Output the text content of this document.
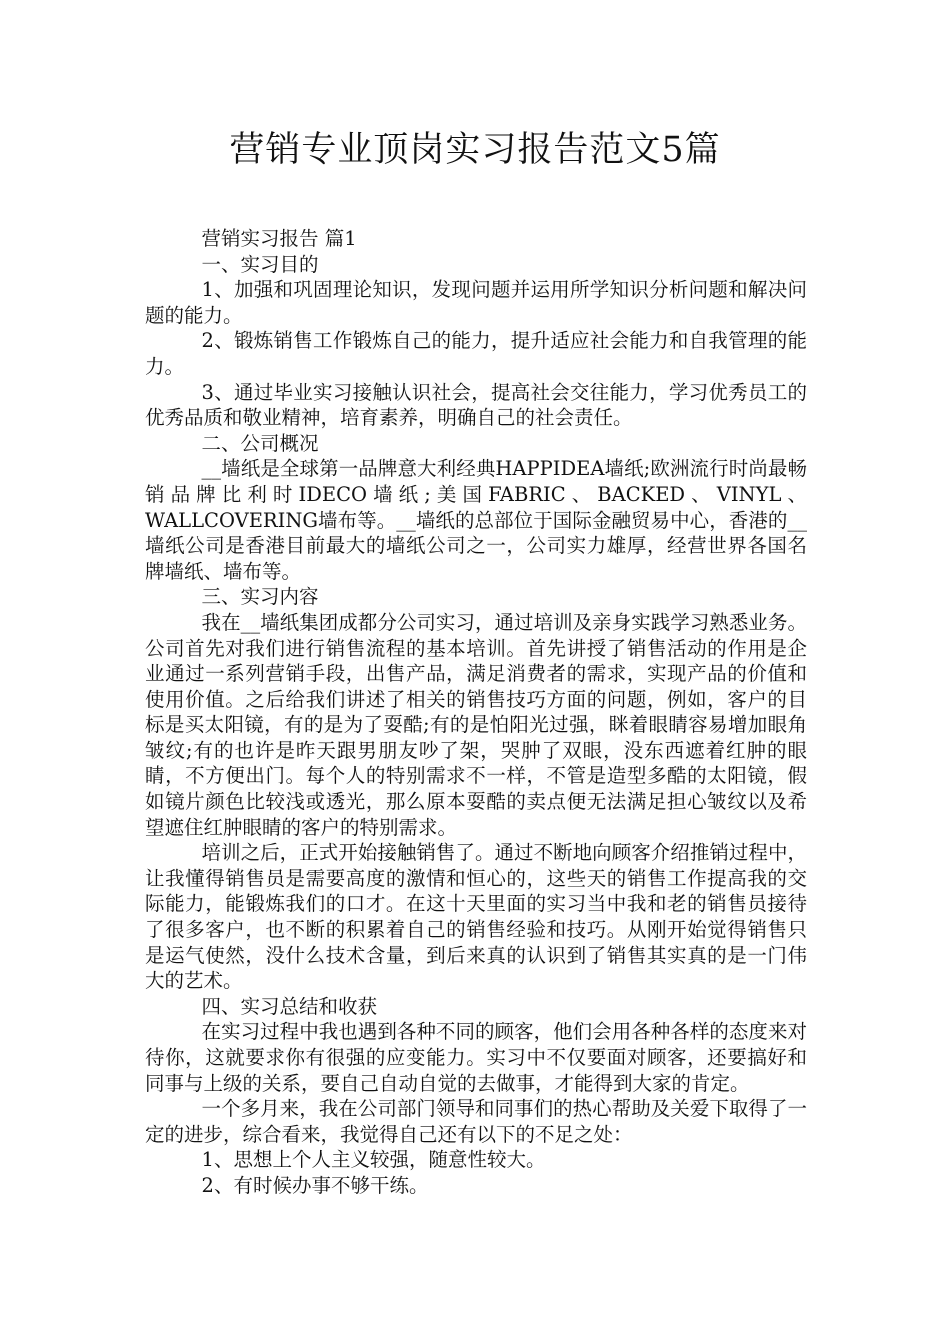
营销专业顶岗实习报告范文5篇

营销实习报告 篇1

一、实习目的

1、加强和巩固理论知识，发现问题并运用所学知识分析问题和解决问题的能力。

2、锻炼销售工作锻炼自己的能力，提升适应社会能力和自我管理的能力。

3、通过毕业实习接触认识社会，提高社会交往能力，学习优秀员工的优秀品质和敬业精神，培育素养，明确自己的社会责任。

二、公司概况

__墙纸是全球第一品牌意大利经典HAPPIDEA墙纸;欧洲流行时尚最畅销品牌比利时IDECO墙纸;美国FABRIC、BACKED、VINYL、WALLCOVERING墙布等。__墙纸的总部位于国际金融贸易中心，香港的__墙纸公司是香港目前最大的墙纸公司之一，公司实力雄厚，经营世界各国名牌墙纸、墙布等。

三、实习内容

我在__墙纸集团成都分公司实习，通过培训及亲身实践学习熟悉业务。公司首先对我们进行销售流程的基本培训。首先讲授了销售活动的作用是企业通过一系列营销手段，出售产品，满足消费者的需求，实现产品的价值和使用价值。之后给我们讲述了相关的销售技巧方面的问题，例如，客户的目标是买太阳镜，有的是为了耍酷;有的是怕阳光过强，眯着眼睛容易增加眼角皱纹;有的也许是昨天跟男朋友吵了架，哭肿了双眼，没东西遮着红肿的眼睛，不方便出门。每个人的特别需求不一样，不管是造型多酷的太阳镜，假如镜片颜色比较浅或透光，那么原本耍酷的卖点便无法满足担心皱纹以及希望遮住红肿眼睛的客户的特别需求。

培训之后，正式开始接触销售了。通过不断地向顾客介绍推销过程中，让我懂得销售员是需要高度的激情和恒心的，这些天的销售工作提高我的交际能力，能锻炼我们的口才。在这十天里面的实习当中我和老的销售员接待了很多客户，也不断的积累着自己的销售经验和技巧。从刚开始觉得销售只是运气使然，没什么技术含量，到后来真的认识到了销售其实真的是一门伟大的艺术。

四、实习总结和收获

在实习过程中我也遇到各种不同的顾客，他们会用各种各样的态度来对待你，这就要求你有很强的应变能力。实习中不仅要面对顾客，还要搞好和同事与上级的关系，要自己自动自觉的去做事，才能得到大家的肯定。

一个多月来，我在公司部门领导和同事们的热心帮助及关爱下取得了一定的进步，综合看来，我觉得自己还有以下的不足之处：

1、思想上个人主义较强，随意性较大。

2、有时候办事不够干练。
